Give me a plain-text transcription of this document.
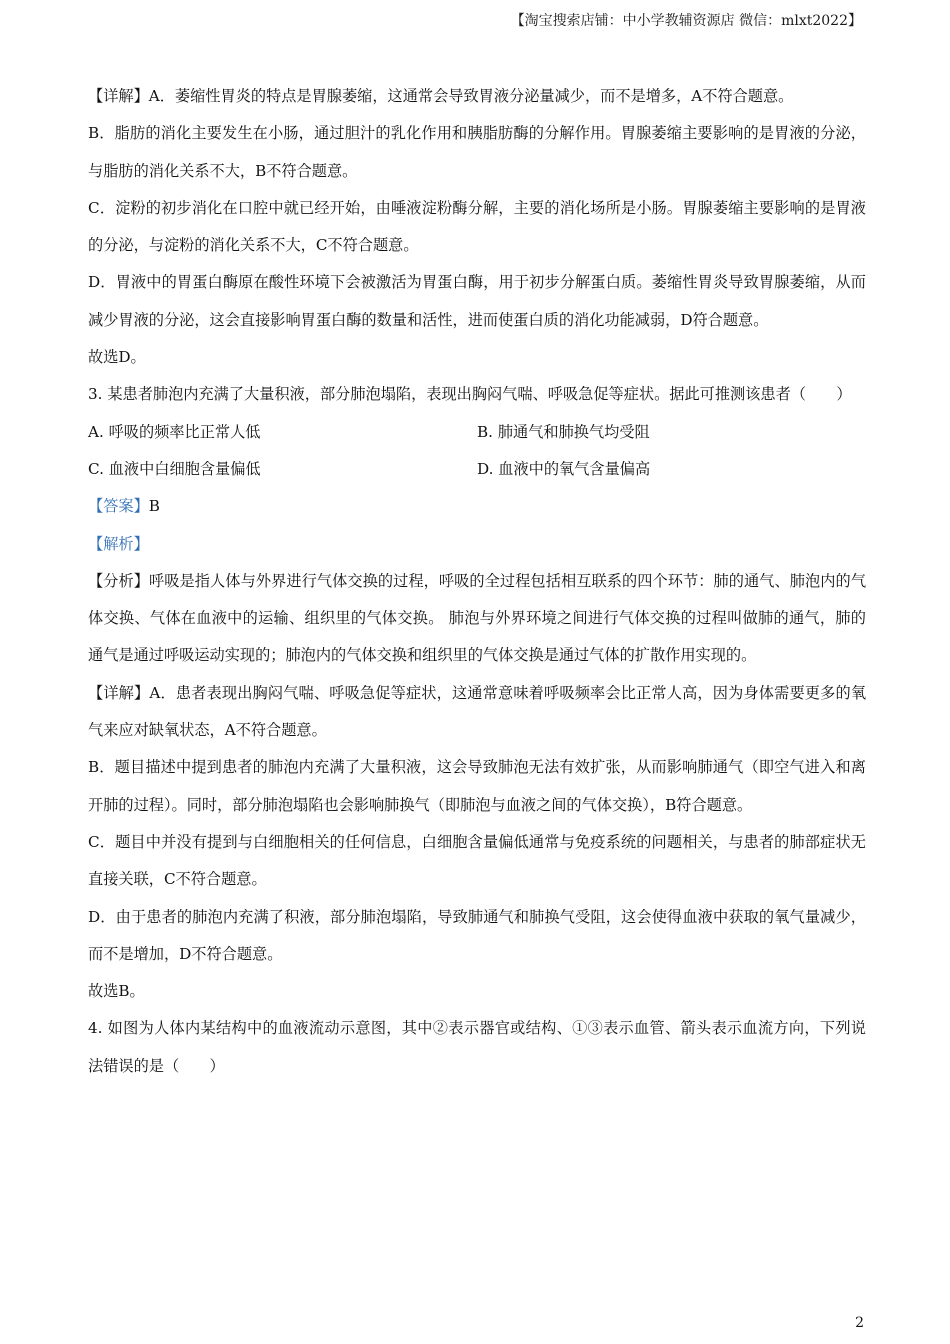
【淘宝搜索店铺：中小学教辅资源店 微信：mlxt2022】

【详解】A．萎缩性胃炎的特点是胃腺萎缩，这通常会导致胃液分泌量减少，而不是增多，A不符合题意。

B．脂肪的消化主要发生在小肠，通过胆汁的乳化作用和胰脂肪酶的分解作用。胃腺萎缩主要影响的是胃液的分泌，与脂肪的消化关系不大，B不符合题意。

C．淀粉的初步消化在口腔中就已经开始，由唾液淀粉酶分解，主要的消化场所是小肠。胃腺萎缩主要影响的是胃液的分泌，与淀粉的消化关系不大，C不符合题意。

D．胃液中的胃蛋白酶原在酸性环境下会被激活为胃蛋白酶，用于初步分解蛋白质。萎缩性胃炎导致胃腺萎缩，从而减少胃液的分泌，这会直接影响胃蛋白酶的数量和活性，进而使蛋白质的消化功能减弱，D符合题意。

故选D。

3. 某患者肺泡内充满了大量积液，部分肺泡塌陷，表现出胸闷气喘、呼吸急促等症状。据此可推测该患者（　　）

A. 呼吸的频率比正常人低	B. 肺通气和肺换气均受阻

C. 血液中白细胞含量偏低	D. 血液中的氧气含量偏高

【答案】B

【解析】

【分析】呼吸是指人体与外界进行气体交换的过程，呼吸的全过程包括相互联系的四个环节：肺的通气、肺泡内的气体交换、气体在血液中的运输、组织里的气体交换。 肺泡与外界环境之间进行气体交换的过程叫做肺的通气，肺的通气是通过呼吸运动实现的；肺泡内的气体交换和组织里的气体交换是通过气体的扩散作用实现的。

【详解】A．患者表现出胸闷气喘、呼吸急促等症状，这通常意味着呼吸频率会比正常人高，因为身体需要更多的氧气来应对缺氧状态，A不符合题意。

B．题目描述中提到患者的肺泡内充满了大量积液，这会导致肺泡无法有效扩张，从而影响肺通气（即空气进入和离开肺的过程）。同时，部分肺泡塌陷也会影响肺换气（即肺泡与血液之间的气体交换），B符合题意。

C．题目中并没有提到与白细胞相关的任何信息，白细胞含量偏低通常与免疫系统的问题相关，与患者的肺部症状无直接关联，C不符合题意。

D．由于患者的肺泡内充满了积液，部分肺泡塌陷，导致肺通气和肺换气受阻，这会使得血液中获取的氧气量减少，而不是增加，D不符合题意。

故选B。

4. 如图为人体内某结构中的血液流动示意图，其中②表示器官或结构、①③表示血管、箭头表示血流方向，下列说法错误的是（　　）

2
